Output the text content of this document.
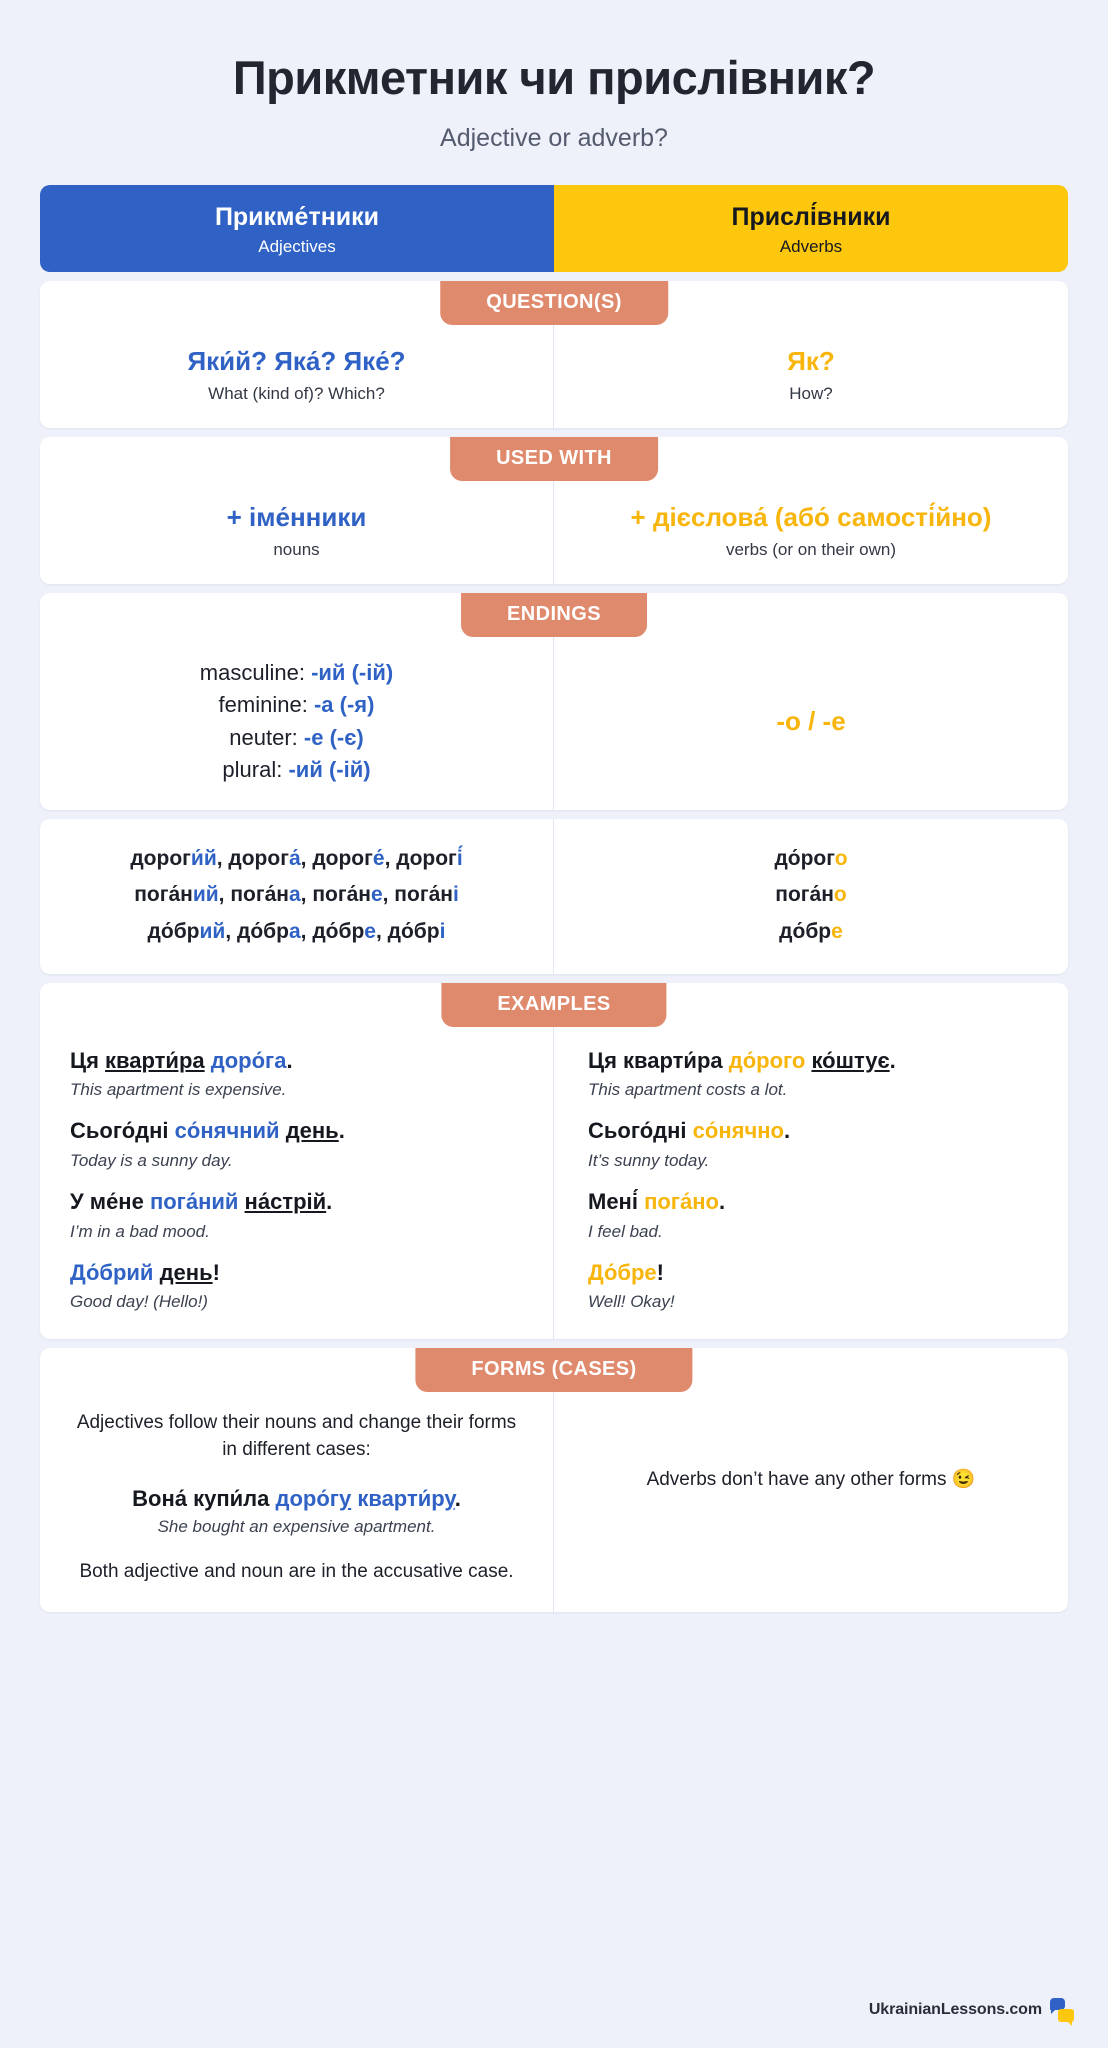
Прикметник чи прислівник?
Adjective or adverb?
Прикме́тники
Adjectives
Прислі́вники
Adverbs
QUESTION(S)
Яки́й? Яка́? Яке́?
What (kind of)? Which?
Як?
How?
USED WITH
+ іме́нники
nouns
+ дієслова́ (або́ самості́йно)
verbs (or on their own)
ENDINGS
masculine: -ий (-ій)
feminine: -а (-я)
neuter: -е (-є)
plural: -ий (-ій)
-о / -е
дороги́й, дорога́, дороге́, дорогі́
пога́ний, пога́на, пога́не, пога́ні
до́брий, до́бра, до́бре, до́брі
до́рого
пога́но
до́бре
EXAMPLES
Ця кварти́ра доро́га.
This apartment is expensive.
Сього́дні со́нячний день.
Today is a sunny day.
У ме́не пога́ний на́стрій.
I’m in a bad mood.
До́брий день!
Good day! (Hello!)
Ця кварти́ра до́рого ко́штує.
This apartment costs a lot.
Сього́дні со́нячно.
It’s sunny today.
Мені́ пога́но.
I feel bad.
До́бре!
Well! Okay!
FORMS (CASES)
Adjectives follow their nouns and change their forms in different cases:
Вона́ купи́ла доро́гу кварти́ру.
She bought an expensive apartment.
Both adjective and noun are in the accusative case.
Adverbs don’t have any other forms 😉
UkrainianLessons.com
